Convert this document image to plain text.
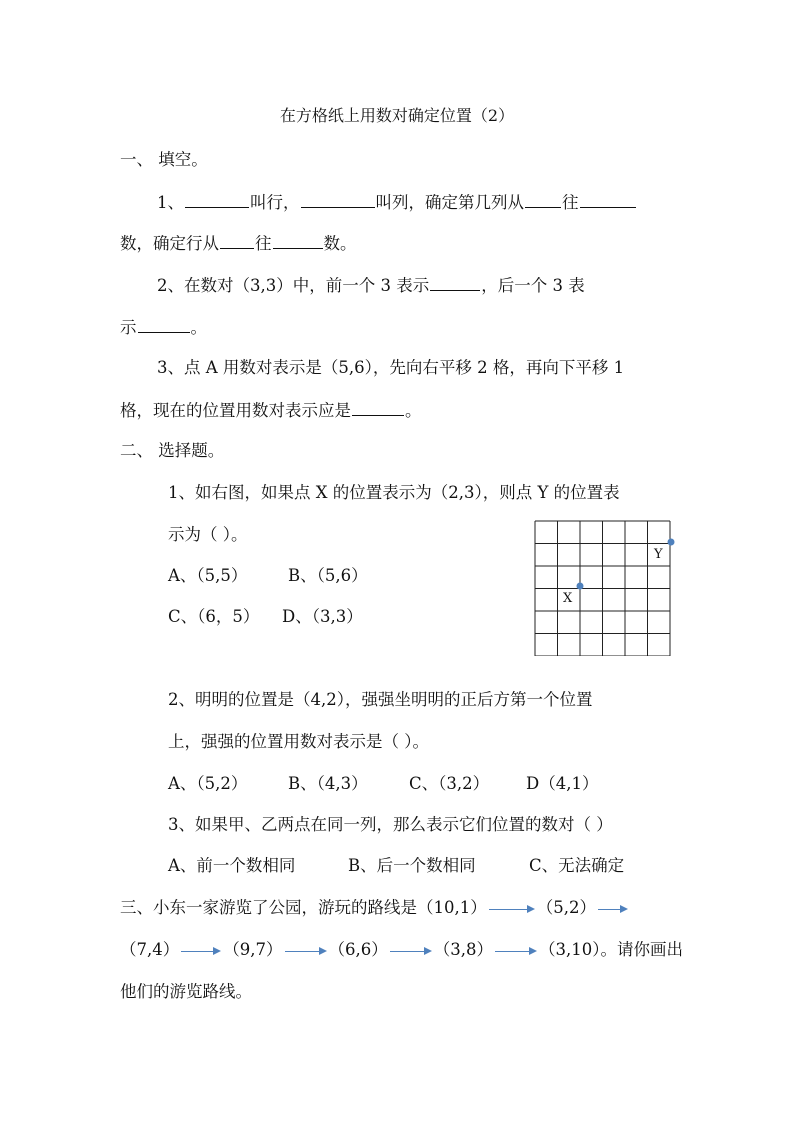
在方格纸上用数对确定位置（2）
一、 填空。
1、	叫行，	叫列，确定第几列从 往
数，确定行从 往	数。
2、在数对（3,3）中，前一个 3 表示	，后一个 3 表
示	。
3、点 A 用数对表示是（5,6），先向右平移 2 格，再向下平移 1
格，现在的位置用数对表示应是	。
二、 选择题。
1、如右图，如果点 X 的位置表示为（2,3），则点 Y 的位置表
示为（ ）。
A、（5,5） B、（5,6）
C、（6，5） D、（3,3）
Y
X
2、明明的位置是（4,2），强强坐明明的正后方第一个位置
上，强强的位置用数对表示是（ ）。
A、（5,2） B、（4,3）	C、（3,2） D（4,1）
3、如果甲、乙两点在同一列，那么表示它们位置的数对（ ）
A、前一个数相同	B、后一个数相同	C、无法确定
三、小东一家游览了公园，游玩的路线是（10,1）	（5,2）
（7,4）	（9,7）	（6,6）	（3,8）	（3,10）。请你画出
他们的游览路线。
